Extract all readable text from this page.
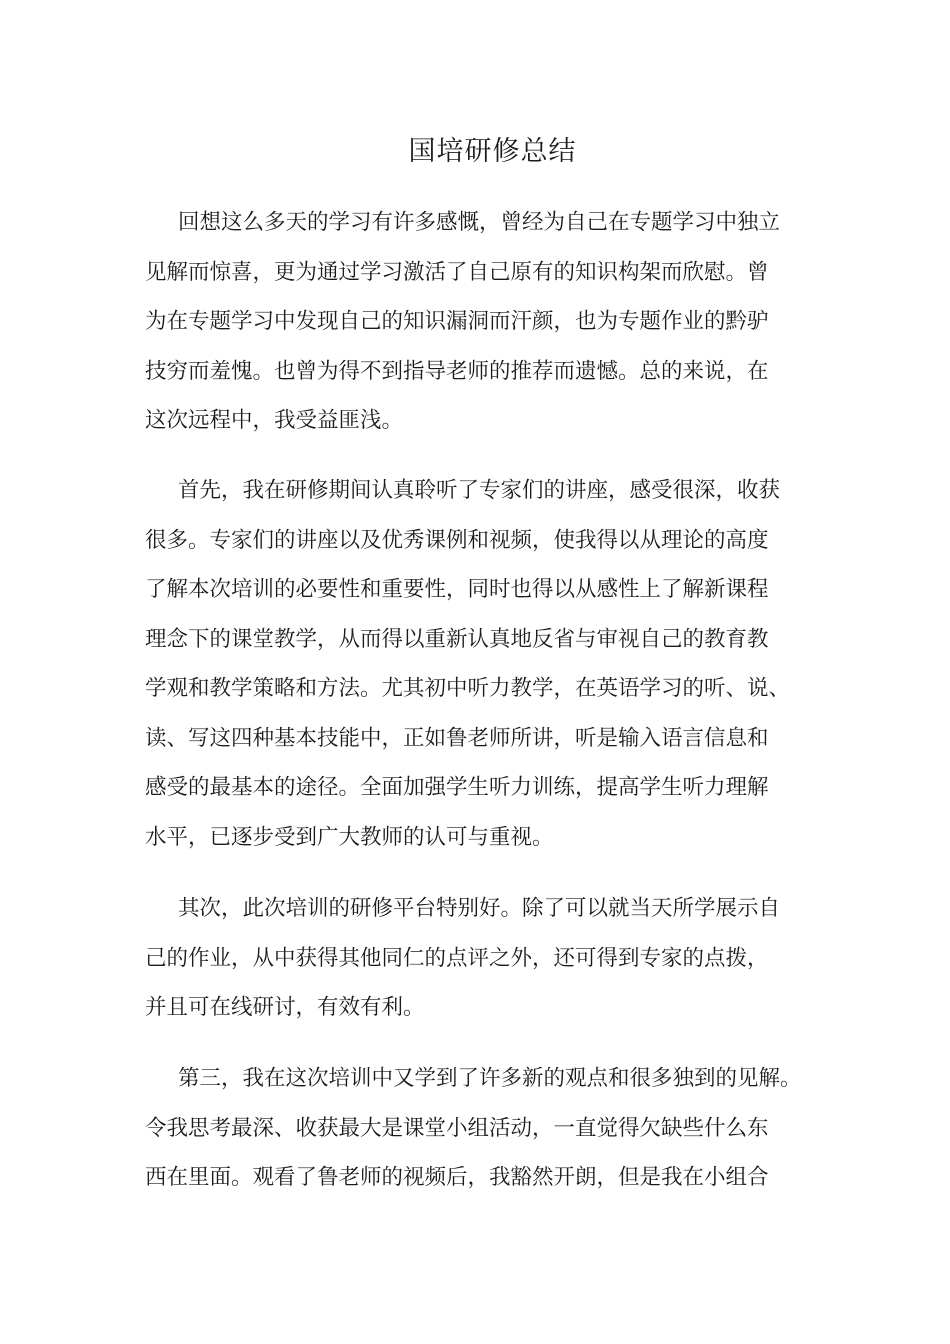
国培研修总结
回想这么多天的学习有许多感慨，曾经为自己在专题学习中独立
见解而惊喜，更为通过学习激活了自己原有的知识构架而欣慰。曾
为在专题学习中发现自己的知识漏洞而汗颜，也为专题作业的黔驴
技穷而羞愧。也曾为得不到指导老师的推荐而遗憾。总的来说，在
这次远程中，我受益匪浅。
首先，我在研修期间认真聆听了专家们的讲座，感受很深，收获
很多。专家们的讲座以及优秀课例和视频，使我得以从理论的高度
了解本次培训的必要性和重要性，同时也得以从感性上了解新课程
理念下的课堂教学，从而得以重新认真地反省与审视自己的教育教
学观和教学策略和方法。尤其初中听力教学，在英语学习的听、说、
读、写这四种基本技能中，正如鲁老师所讲，听是输入语言信息和
感受的最基本的途径。全面加强学生听力训练，提高学生听力理解
水平，已逐步受到广大教师的认可与重视。
其次，此次培训的研修平台特别好。除了可以就当天所学展示自
己的作业，从中获得其他同仁的点评之外，还可得到专家的点拨，
并且可在线研讨，有效有利。
第三，我在这次培训中又学到了许多新的观点和很多独到的见解。
令我思考最深、收获最大是课堂小组活动，一直觉得欠缺些什么东
西在里面。观看了鲁老师的视频后，我豁然开朗，但是我在小组合
